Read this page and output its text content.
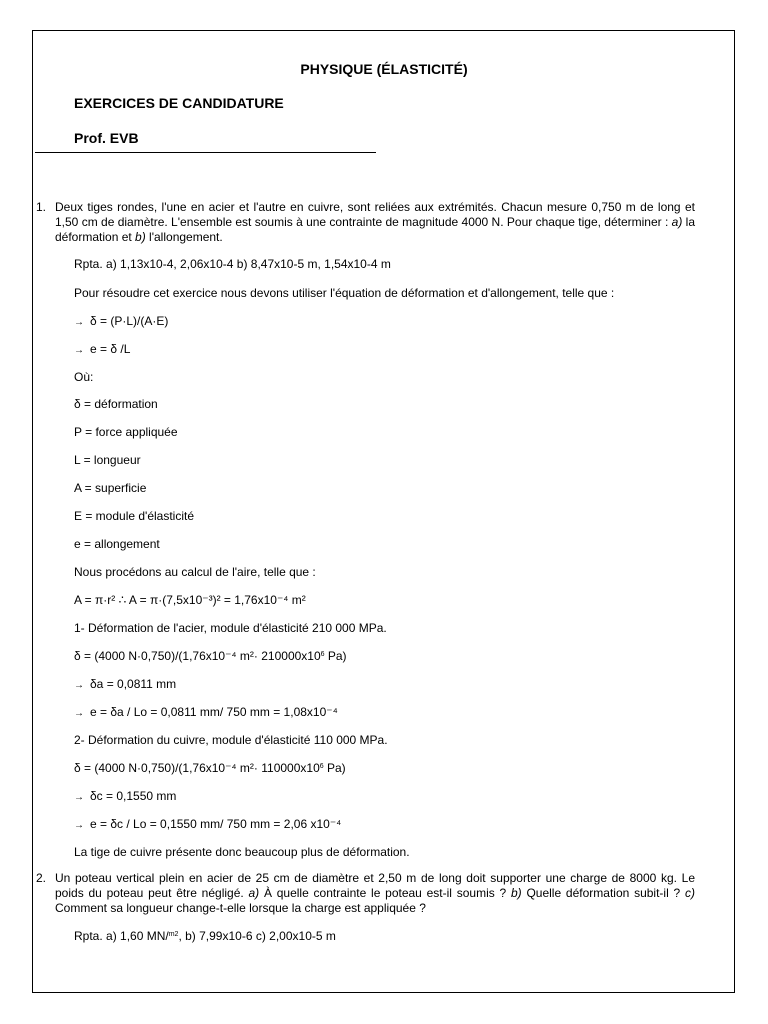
PHYSIQUE (ÉLASTICITÉ)
EXERCICES DE CANDIDATURE
Prof. EVB
1. Deux tiges rondes, l'une en acier et l'autre en cuivre, sont reliées aux extrémités. Chacun mesure 0,750 m de long et 1,50 cm de diamètre. L'ensemble est soumis à une contrainte de magnitude 4000 N. Pour chaque tige, déterminer : a) la déformation et b) l'allongement.
Rpta. a) 1,13x10-4, 2,06x10-4 b) 8,47x10-5 m, 1,54x10-4 m
Pour résoudre cet exercice nous devons utiliser l'équation de déformation et d'allongement, telle que :
→ δ = (P·L)/(A·E)
→ e = δ /L
Où:
δ = déformation
P = force appliquée
L = longueur
A = superficie
E = module d'élasticité
e = allongement
Nous procédons au calcul de l'aire, telle que :
A = π·r² ∴ A = π·(7,5x10⁻³)² = 1,76x10⁻⁴ m²
1- Déformation de l'acier, module d'élasticité 210 000 MPa.
δ = (4000 N·0,750)/(1,76x10⁻⁴ $m^2\cdot 210000x10^6$ Pa)
→ δa = 0,0811 mm
→ e = δa / Lo = 0,0811 mm/ 750 mm = 1,08x10⁻⁴
2- Déformation du cuivre, module d'élasticité 110 000 MPa.
δ = (4000 N·0,750)/(1,76x10⁻⁴ $m^2\cdot 110000x10^6$ Pa)
→ δc = 0,1550 mm
→ e = δc / Lo = 0,1550 mm/ 750 mm = 2,06 x10⁻⁴
La tige de cuivre présente donc beaucoup plus de déformation.
2. Un poteau vertical plein en acier de 25 cm de diamètre et 2,50 m de long doit supporter une charge de 8000 kg. Le poids du poteau peut être négligé. a) À quelle contrainte le poteau est-il soumis ? b) Quelle déformation subit-il ? c) Comment sa longueur change-t-elle lorsque la charge est appliquée ?
Rpta. a) 1,60 MN/$^{m2}$, b) 7,99x10-6 c) 2,00x10-5 m
